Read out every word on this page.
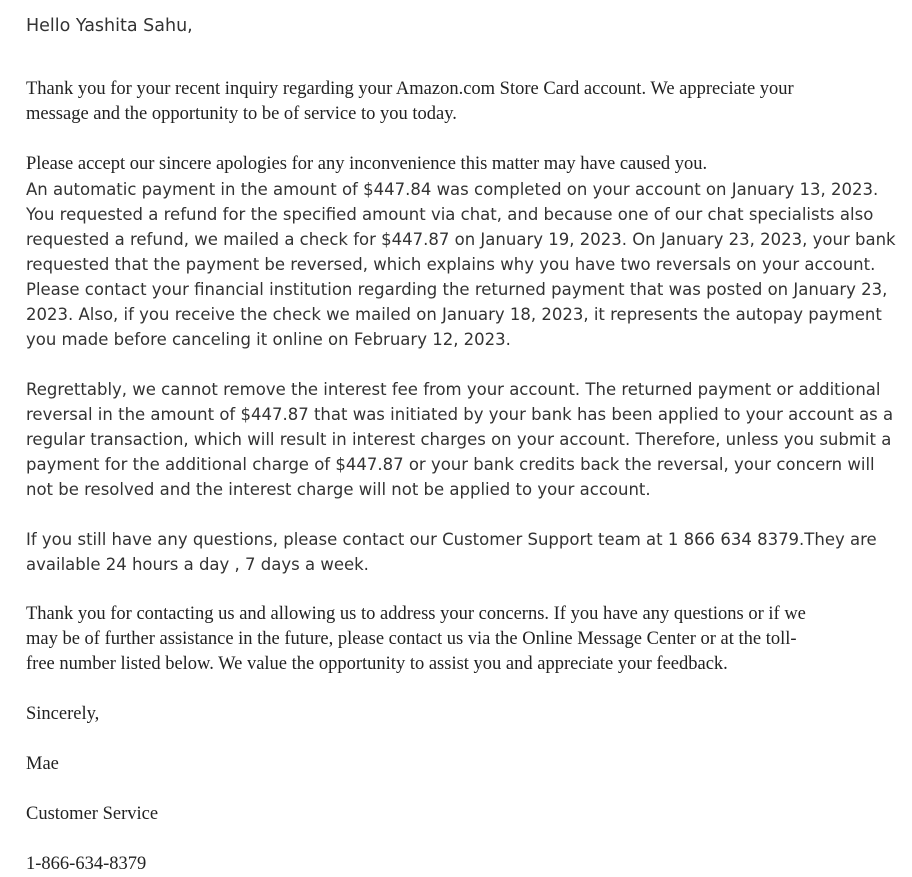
Hello Yashita Sahu,
Thank you for your recent inquiry regarding your Amazon.com Store Card account. We appreciate your
message and the opportunity to be of service to you today.
Please accept our sincere apologies for any inconvenience this matter may have caused you.
An automatic payment in the amount of $447.84 was completed on your account on January 13, 2023.
You requested a refund for the specified amount via chat, and because one of our chat specialists also
requested a refund, we mailed a check for $447.87 on January 19, 2023. On January 23, 2023, your bank
requested that the payment be reversed, which explains why you have two reversals on your account.
Please contact your financial institution regarding the returned payment that was posted on January 23,
2023. Also, if you receive the check we mailed on January 18, 2023, it represents the autopay payment
you made before canceling it online on February 12, 2023.
Regrettably, we cannot remove the interest fee from your account. The returned payment or additional
reversal in the amount of $447.87 that was initiated by your bank has been applied to your account as a
regular transaction, which will result in interest charges on your account. Therefore, unless you submit a
payment for the additional charge of $447.87 or your bank credits back the reversal, your concern will
not be resolved and the interest charge will not be applied to your account.
If you still have any questions, please contact our Customer Support team at 1 866 634 8379.They are
available 24 hours a day , 7 days a week.
Thank you for contacting us and allowing us to address your concerns. If you have any questions or if we
may be of further assistance in the future, please contact us via the Online Message Center or at the toll-
free number listed below. We value the opportunity to assist you and appreciate your feedback.
Sincerely,
Mae
Customer Service
1-866-634-8379
